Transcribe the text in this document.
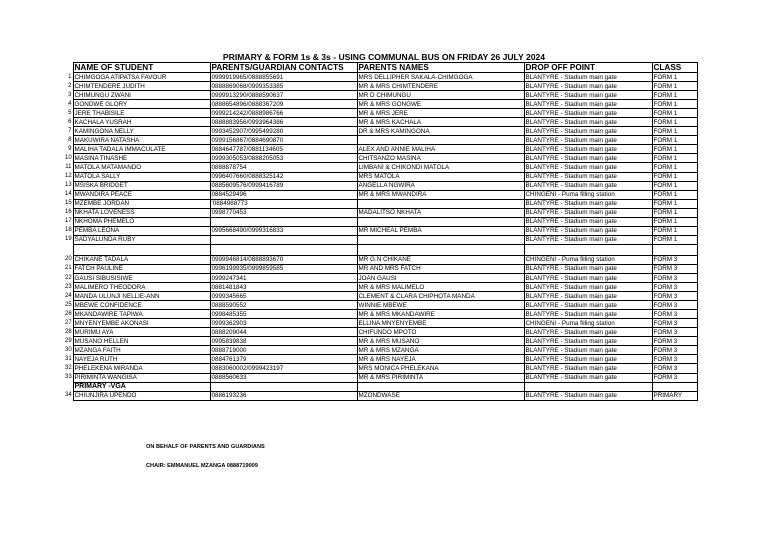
PRIMARY & FORM 1s & 3s - USING COMMUNAL BUS ON FRIDAY 26 JULY 2024
	NAME OF STUDENT	PARENTS/GUARDIAN CONTACTS	PARENTS NAMES	DROP OFF POINT	CLASS
1	CHIMGOGA ATIPATSA FAVOUR	0999919965/0888855691	MRS DELLIPHER SAKALA-CHIMGOGA	BLANTYRE - Stadium main gate	FORM 1
2	CHIMTENDERE JUDITH	0888869068/0999353385	MR & MRS CHIMTENDERE	BLANTYRE - Stadium main gate	FORM 1
3	CHIMUNGU ZWANI	0999913290/0888590637	MR D CHIMUNGU	BLANTYRE - Stadium main gate	FORM 1
4	GONDWE GLORY	0888654896/0888367209	MR & MRS GONGWE	BLANTYRE - Stadium main gate	FORM 1
5	JERE THABISILE	0999214242/0888986766	MR & MRS JERE	BLANTYRE - Stadium main gate	FORM 1
6	KACHALA YUSRAH	0888883956/0993964386	MR & MRS KACHALA	BLANTYRE - Stadium main gate	FORM 1
7	KAMINGONA NELLY	0993452907/0995499280	DR & MRS KAMINGONA	BLANTYRE - Stadium main gate	FORM 1
8	MAKUWIRA NATASHA	0999156867/0884690870		BLANTYRE - Stadium main gate	FORM 1
9	MALIHA TADALA IMMACULATE	0884647787/0881134605	ALEX AND ANNIE MALIHA	BLANTYRE - Stadium main gate	FORM 1
10	MASINA TINASHE	0999305053/0888205053	CHITSANZO MASINA	BLANTYRE - Stadium main gate	FORM 1
11	MATOLA MATAMANDO	0888878754	LIMBANI & CHIKONDI MATOLA	BLANTYRE - Stadium main gate	FORM 1
12	MATOLA SALLY	0996407660/0888325142	MRS MATOLA	BLANTYRE - Stadium main gate	FORM 1
13	MSISKA BRIDGET	0885609576/0999416789	ANGELLA NGWIRA	BLANTYRE - Stadium main gate	FORM 1
14	MWANDIRA PEACE	0884529496	MR & MRS MWANDIRA	CHINGENI - Puma filling station	FORM 1
15	MZEMBE JORDAN	'0884988773		BLANTYRE - Stadium main gate	FORM 1
16	NKHATA LOVENESS	0998770453	MADALITSO NKHATA	BLANTYRE - Stadium main gate	FORM 1
17	NKHOMA PHEMELO			BLANTYRE - Stadium main gate	FORM 1
18	PEMBA LEONA	0995668490/0999316833	MR MICHEAL PEMBA	BLANTYRE - Stadium main gate	FORM 1
19	SADYALUNDA RUBY			BLANTYRE - Stadium main gate	FORM 1

20	CHIKANE TADALA	0999946814/0888893670	MR G.N CHIKANE	CHINGENI - Puma filling station	FORM 3
21	FATCH PAULINE	0996199935/0999859585	MR AND MRS FATCH	BLANTYRE - Stadium main gate	FORM 3
22	GAUSI SIBUSISIWE	0999247341	JOAN GAUSI	BLANTYRE - Stadium main gate	FORM 3
23	MALIMERO THEODORA	0881481843	MR & MRS MALIMELO	BLANTYRE - Stadium main gate	FORM 3
24	MANDA ULUNJI NELLIE-ANN	0999345665	CLEMENT & CLARA CHIPHOTA MANDA	BLANTYRE - Stadium main gate	FORM 3
25	MBEWE CONFIDENCE	0888590552	WINNIE MBEWE	BLANTYRE - Stadium main gate	FORM 3
26	MKANDAWIRE TAPIWA	0998485355	MR & MRS MKANDAWIRE	BLANTYRE - Stadium main gate	FORM 3
27	MNYENYEMBE AKONASI	0999362903	ELLINA MNYENYEMBE	CHINGENI - Puma filling station	FORM 3
28	MURIMU AYA	0888209044	CHIFUNDO MPOTO	BLANTYRE - Stadium main gate	FORM 3
29	MUSANO HELLEN	0995839838	MR & MRS MUSANO	BLANTYRE - Stadium main gate	FORM 3
30	MZANGA FAITH	0888719000	MR & MRS MZANGA	BLANTYRE - Stadium main gate	FORM 3
31	NAYEJA RUTH	0884761379	MR & MRS NAYEJA	BLANTYRE - Stadium main gate	FORM 3
32	PHELEKENA MIRANDA	0883060002/0999423197	MRS MONICA PHELEKANA	BLANTYRE - Stadium main gate	FORM 3
33	PIRIMINTA WANGISA	0888560633	MR & MRS PIRIMINTA	BLANTYRE - Stadium main gate	FORM 3
	PRIMARY -VGA				
34	CHIUNJIRA UPENDO	0886193236	MZONDWASE	BLANTYRE - Stadium main gate	PRIMARY
ON BEHALF OF PARENTS AND GUARDIANS
CHAIR: EMMANUEL MZANGA 0888719009
